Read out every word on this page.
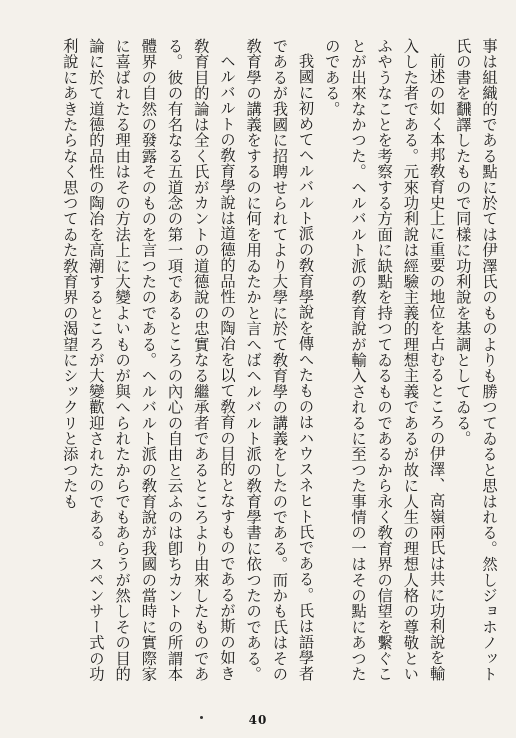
事は組織的である點に於ては伊澤氏のものよりも勝つてゐると思はれる。然しジョホノット氏の書を飜譯したもので同樣に功利說を基調としてゐる。

前述の如く本邦敎育史上に重要の地位を占むるところの伊澤、高嶺兩氏は共に功利說を輸入した者である。元來功利說は經驗主義的理想主義であるが故に人生の理想人格の尊敬といふやうなことを考察する方面に缺點を持つてゐるものであるから永く敎育界の信望を繫ぐことが出來なかつた。ヘルバルト派の敎育說が輸入されるに至つた事情の一はその點にあつたのである。

我國に初めてヘルバルト派の敎育學說を傳へたものはハウスネヒト氏である。氏は語學者であるが我國に招聘せられてより大學に於て敎育學の講義をしたのである。而かも氏はその敎育學の講義をするのに何を用ゐたかと言へばヘルバルト派の敎育學書に依つたのである。

ヘルバルトの敎育學說は道德的品性の陶冶を以て敎育の目的となすものであるが斯の如き敎育目的論は全く氏がカントの道德說の忠實なる繼承者であるところより由來したものである。彼の有名なる五道念の第一項であるところの內心の自由と云ふのは卽ちカントの所謂本體界の自然の發露そのものを言つたのである。ヘルバルト派の敎育說が我國の當時に實際家に喜ばれたる理由はその方法上に大變よいものが與へられたからでもあらうが然しその目的論に於て道德的品性の陶冶を高潮するところが大變歡迎されたのである。スペンサー式の功利說にあきたらなく思つてゐた敎育界の渴望にシックリと添つたも

40
